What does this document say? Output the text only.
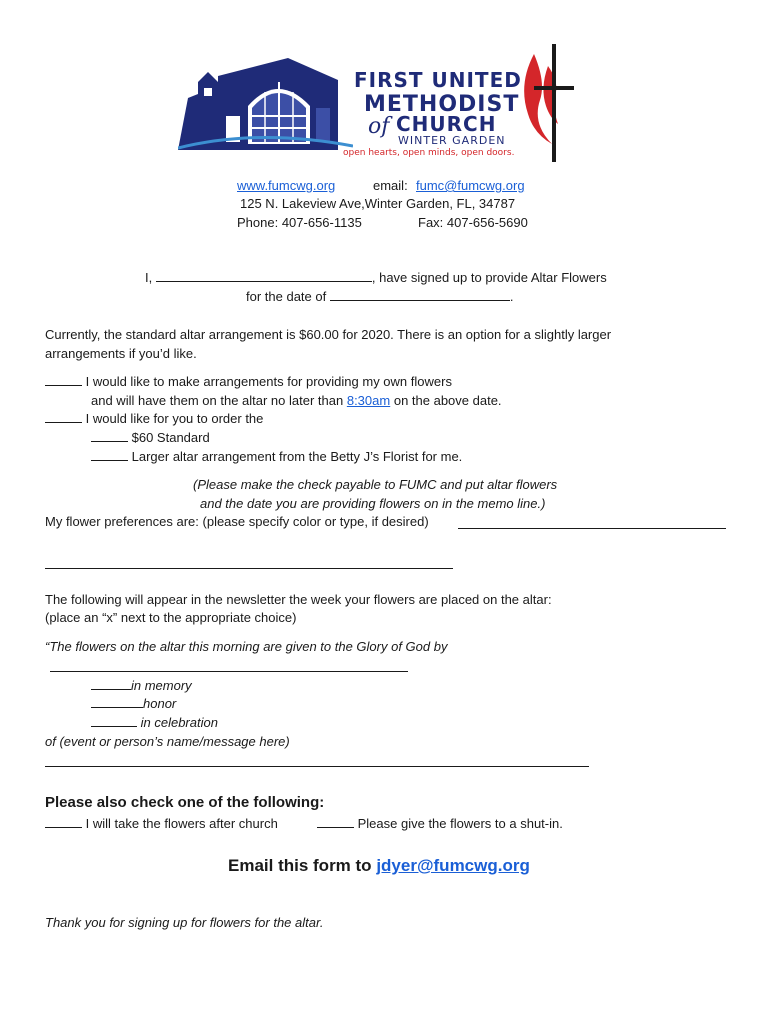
FIRST UNITED
METHODIST
of CHURCH
WINTER GARDEN
open hearts, open minds, open doors.
www.fumcwg.org	email: fumc@fumcwg.org
125 N. Lakeview Ave,Winter Garden, FL, 34787
Phone: 407-656-1135	Fax: 407-656-5690
I,	, have signed up to provide Altar Flowers
for the date of	.
Currently, the standard altar arrangement is $60.00 for 2020. There is an option for a slightly larger
arrangements if you’d like.
I would like to make arrangements for providing my own flowers
and will have them on the altar no later than 8:30am on the above date.
I would like for you to order the
$60 Standard
Larger altar arrangement from the Betty J’s Florist for me.
(Please make the check payable to FUMC and put altar flowers
and the date you are providing flowers on in the memo line.)
My flower preferences are: (please specify color or type, if desired)
The following will appear in the newsletter the week your flowers are placed on the altar:
(place an “x” next to the appropriate choice)
“The flowers on the altar this morning are given to the Glory of God by
in memory
honor
in celebration
of (event or person’s name/message here)
Please also check one of the following:
I will take the flowers after church	Please give the flowers to a shut-in.
Email this form to jdyer@fumcwg.org
Thank you for signing up for flowers for the altar.
